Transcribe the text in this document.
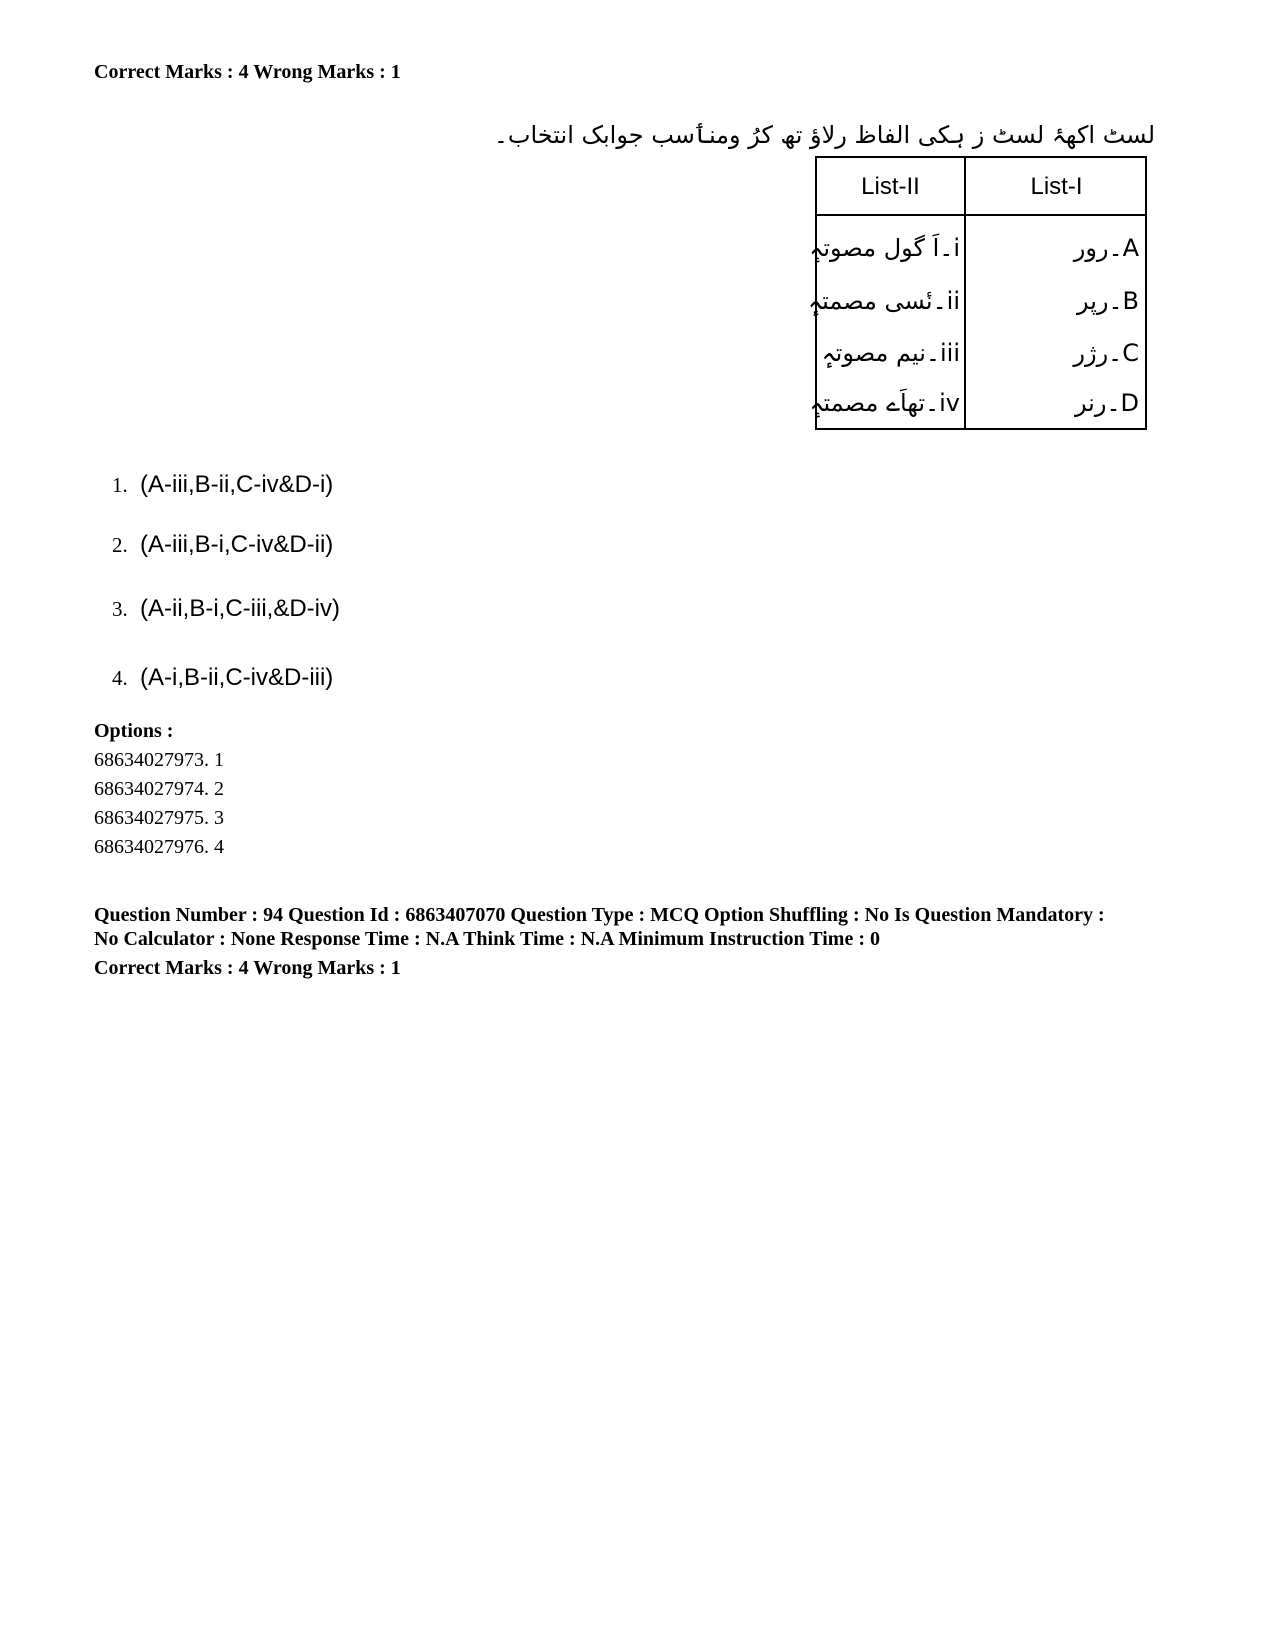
Correct Marks : 4 Wrong Marks : 1
لسٹ اکھۂ لسٹ ز ہکی الفاظ رلاؤ تھ کرُ ومنٲسب جوابک انتخاب۔
List-II	List-I
i۔اَ گول مصوتہٕ	A۔رور
ii۔نٔسی مصمتہٕ	B۔رپر
iii۔نیم مصوتہٕ	C۔رژر
iv۔تھاَے مصمتہٕ	D۔رنر
1. (A-iii,B-ii,C-iv&D-i)
2. (A-iii,B-i,C-iv&D-ii)
3. (A-ii,B-i,C-iii,&D-iv)
4. (A-i,B-ii,C-iv&D-iii)
Options :
68634027973. 1
68634027974. 2
68634027975. 3
68634027976. 4
Question Number : 94 Question Id : 6863407070 Question Type : MCQ Option Shuffling : No Is Question Mandatory :
No Calculator : None Response Time : N.A Think Time : N.A Minimum Instruction Time : 0
Correct Marks : 4 Wrong Marks : 1
